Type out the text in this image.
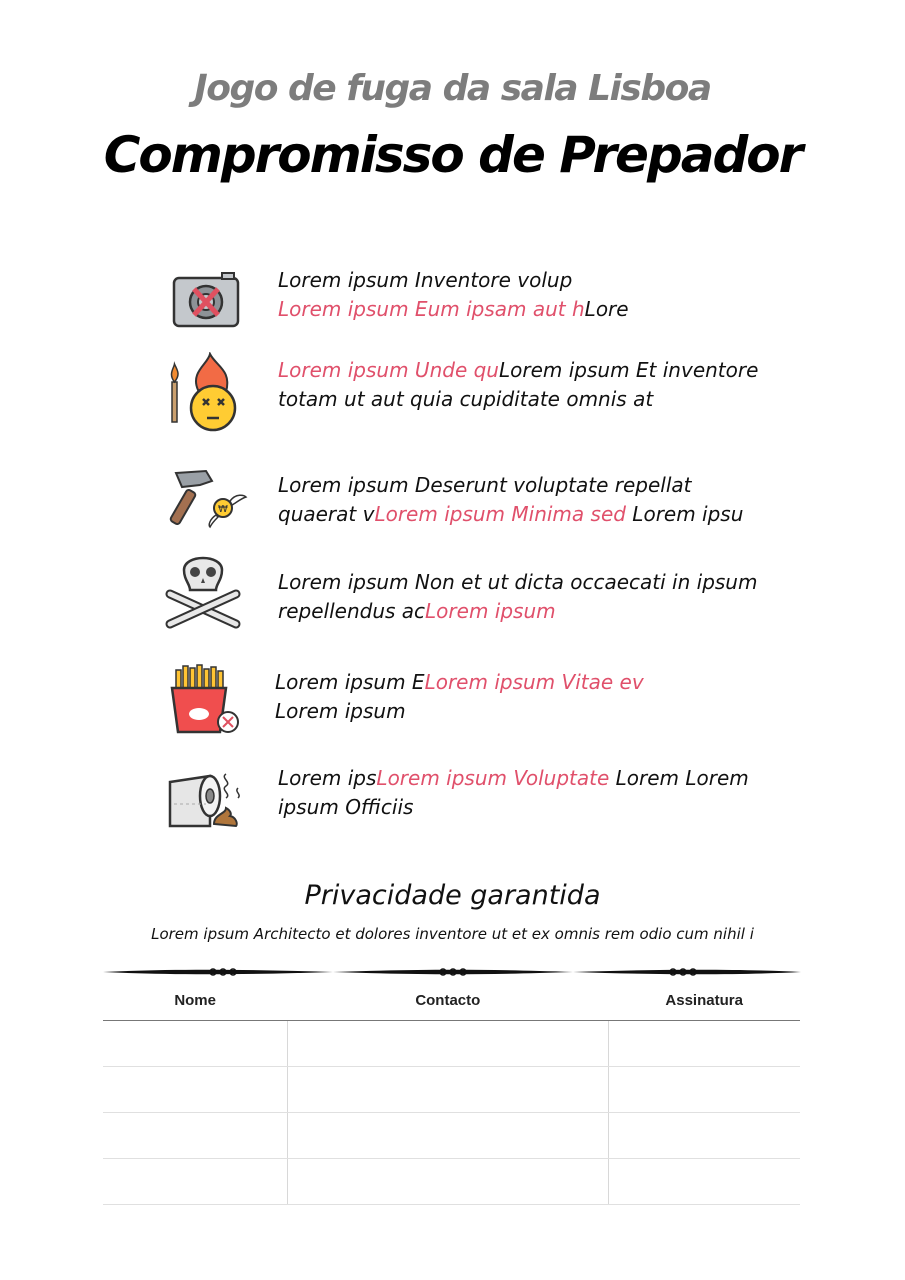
Jogo de fuga da sala Lisboa
Compromisso de Prepador
Lorem ipsum Inventore volup
Lorem ipsum Eum ipsam aut hLore
Lorem ipsum Unde quLorem ipsum Et inventore totam ut aut quia cupiditate omnis at
₩
Lorem ipsum Deserunt voluptate repellat quaerat vLorem ipsum Minima sed Lorem ipsu
Lorem ipsum Non et ut dicta occaecati in ipsum repellendus acLorem ipsum
Lorem ipsum ELorem ipsum Vitae ev
Lorem ipsum
Lorem ipsLorem ipsum Voluptate Lorem Lorem ipsum Officiis
Privacidade garantida
Lorem ipsum Architecto et dolores inventore ut et ex omnis rem odio cum nihil i
Nome	Contacto	Assinatura
